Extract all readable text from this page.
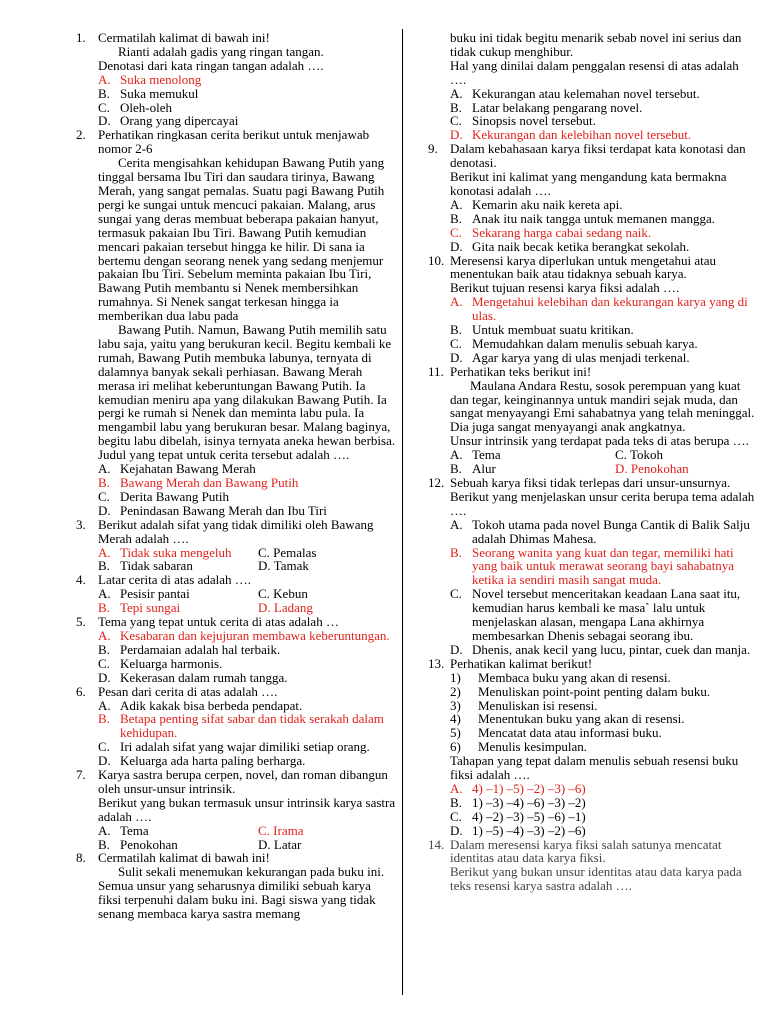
1. Cermatilah kalimat di bawah ini!
Rianti adalah gadis yang ringan tangan.
Denotasi dari kata ringan tangan adalah ….
A. Suka menolong
B. Suka memukul
C. Oleh-oleh
D. Orang yang dipercayai
2. Perhatikan ringkasan cerita berikut untuk menjawab nomor 2-6
Cerita mengisahkan kehidupan Bawang Putih yang tinggal bersama Ibu Tiri dan saudara tirinya, Bawang Merah, yang sangat pemalas. Suatu pagi Bawang Putih pergi ke sungai untuk mencuci pakaian. Malang, arus sungai yang deras membuat beberapa pakaian hanyut, termasuk pakaian Ibu Tiri. Bawang Putih kemudian mencari pakaian tersebut hingga ke hilir. Di sana ia bertemu dengan seorang nenek yang sedang menjemur pakaian Ibu Tiri. Sebelum meminta pakaian Ibu Tiri, Bawang Putih membantu si Nenek membersihkan rumahnya. Si Nenek sangat terkesan hingga ia memberikan dua labu pada
Bawang Putih. Namun, Bawang Putih memilih satu labu saja, yaitu yang berukuran kecil. Begitu kembali ke rumah, Bawang Putih membuka labunya, ternyata di dalamnya banyak sekali perhiasan. Bawang Merah merasa iri melihat keberuntungan Bawang Putih. Ia kemudian meniru apa yang dilakukan Bawang Putih. Ia pergi ke rumah si Nenek dan meminta labu pula. Ia mengambil labu yang berukuran besar. Malang baginya, begitu labu dibelah, isinya ternyata aneka hewan berbisa.
Judul yang tepat untuk cerita tersebut adalah ….
A. Kejahatan Bawang Merah
B. Bawang Merah dan Bawang Putih
C. Derita Bawang Putih
D. Penindasan Bawang Merah dan Ibu Tiri
3. Berikut adalah sifat yang tidak dimiliki oleh Bawang Merah adalah ….
A. Tidak suka mengeluh	C. Pemalas
B. Tidak sabaran	D. Tamak
4. Latar cerita di atas adalah ….
A. Pesisir pantai	C. Kebun
B. Tepi sungai	D. Ladang
5. Tema yang tepat untuk cerita di atas adalah …
A. Kesabaran dan kejujuran membawa keberuntungan.
B. Perdamaian adalah hal terbaik.
C. Keluarga harmonis.
D. Kekerasan dalam rumah tangga.
6. Pesan dari cerita di atas adalah ….
A. Adik kakak bisa berbeda pendapat.
B. Betapa penting sifat sabar dan tidak serakah dalam kehidupan.
C. Iri adalah sifat yang wajar dimiliki setiap orang.
D. Keluarga ada harta paling berharga.
7. Karya sastra berupa cerpen, novel, dan roman dibangun oleh unsur-unsur intrinsik.
Berikut yang bukan termasuk unsur intrinsik karya sastra adalah ….
A. Tema	C. Irama
B. Penokohan	D. Latar
8. Cermatilah kalimat di bawah ini!
Sulit sekali menemukan kekurangan pada buku ini. Semua unsur yang seharusnya dimiliki sebuah karya fiksi terpenuhi dalam buku ini. Bagi siswa yang tidak senang membaca karya sastra memang
buku ini tidak begitu menarik sebab novel ini serius dan tidak cukup menghibur.
Hal yang dinilai dalam penggalan resensi di atas adalah ….
A. Kekurangan atau kelemahan novel tersebut.
B. Latar belakang pengarang novel.
C. Sinopsis novel tersebut.
D. Kekurangan dan kelebihan novel tersebut.
9. Dalam kebahasaan karya fiksi terdapat kata konotasi dan denotasi.
Berikut ini kalimat yang mengandung kata bermakna konotasi adalah ….
A. Kemarin aku naik kereta api.
B. Anak itu naik tangga untuk memanen mangga.
C. Sekarang harga cabai sedang naik.
D. Gita naik becak ketika berangkat sekolah.
10. Meresensi karya diperlukan untuk mengetahui atau menentukan baik atau tidaknya sebuah karya.
Berikut tujuan resensi karya fiksi adalah ….
A. Mengetahui kelebihan dan kekurangan karya yang di ulas.
B. Untuk membuat suatu kritikan.
C. Memudahkan dalam menulis sebuah karya.
D. Agar karya yang di ulas menjadi terkenal.
11. Perhatikan teks berikut ini!
Maulana Andara Restu, sosok perempuan yang kuat dan tegar, keinginannya untuk mandiri sejak muda, dan sangat menyayangi Emi sahabatnya yang telah meninggal. Dia juga sangat menyayangi anak angkatnya.
Unsur intrinsik yang terdapat pada teks di atas berupa ….
A. Tema	C. Tokoh
B. Alur	D. Penokohan
12. Sebuah karya fiksi tidak terlepas dari unsur-unsurnya.
Berikut yang menjelaskan unsur cerita berupa tema adalah ….
A. Tokoh utama pada novel Bunga Cantik di Balik Salju adalah Dhimas Mahesa.
B. Seorang wanita yang kuat dan tegar, memiliki hati yang baik untuk merawat seorang bayi sahabatnya ketika ia sendiri masih sangat muda.
C. Novel tersebut menceritakan keadaan Lana saat itu, kemudian harus kembali ke masa` lalu untuk menjelaskan alasan, mengapa Lana akhirnya membesarkan Dhenis sebagai seorang ibu.
D. Dhenis, anak kecil yang lucu, pintar, cuek dan manja.
13. Perhatikan kalimat berikut!
1) Membaca buku yang akan di resensi.
2) Menuliskan point-point penting dalam buku.
3) Menuliskan isi resensi.
4) Menentukan buku yang akan di resensi.
5) Mencatat data atau informasi buku.
6) Menulis kesimpulan.
Tahapan yang tepat dalam menulis sebuah resensi buku fiksi adalah ….
A. 4) –1) –5) –2) –3) –6)
B. 1) –3) –4) –6) –3) –2)
C. 4) –2) –3) –5) –6) –1)
D. 1) –5) –4) –3) –2) –6)
14. Dalam meresensi karya fiksi salah satunya mencatat identitas atau data karya fiksi.
Berikut yang bukan unsur identitas atau data karya pada teks resensi karya sastra adalah ….
